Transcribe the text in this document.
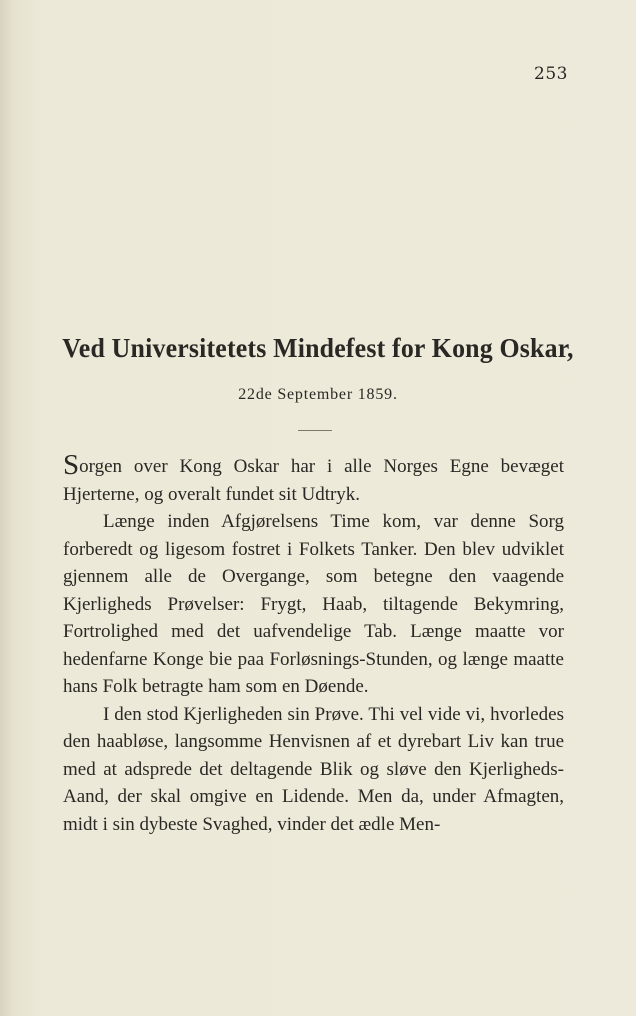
253
Ved Universitetets Mindefest for Kong Oskar,
22de September 1859.

Sorgen over Kong Oskar har i alle Norges Egne bevæget Hjerterne, og overalt fundet sit Udtryk.

Længe inden Afgjørelsens Time kom, var denne Sorg forberedt og ligesom fostret i Folkets Tanker. Den blev udviklet gjennem alle de Overgange, som betegne den vaagende Kjerligheds Prøvelser: Frygt, Haab, tiltagende Bekymring, Fortrolighed med det uafvendelige Tab. Længe maatte vor hedenfarne Konge bie paa Forløsnings-Stunden, og længe maatte hans Folk betragte ham som en Døende.

I den stod Kjerligheden sin Prøve. Thi vel vide vi, hvorledes den haabløse, langsomme Henvisnen af et dyrebart Liv kan true med at adsprede det deltagende Blik og sløve den Kjerligheds-Aand, der skal omgive en Lidende. Men da, under Afmagten, midt i sin dybeste Svaghed, vinder det ædle Men-
